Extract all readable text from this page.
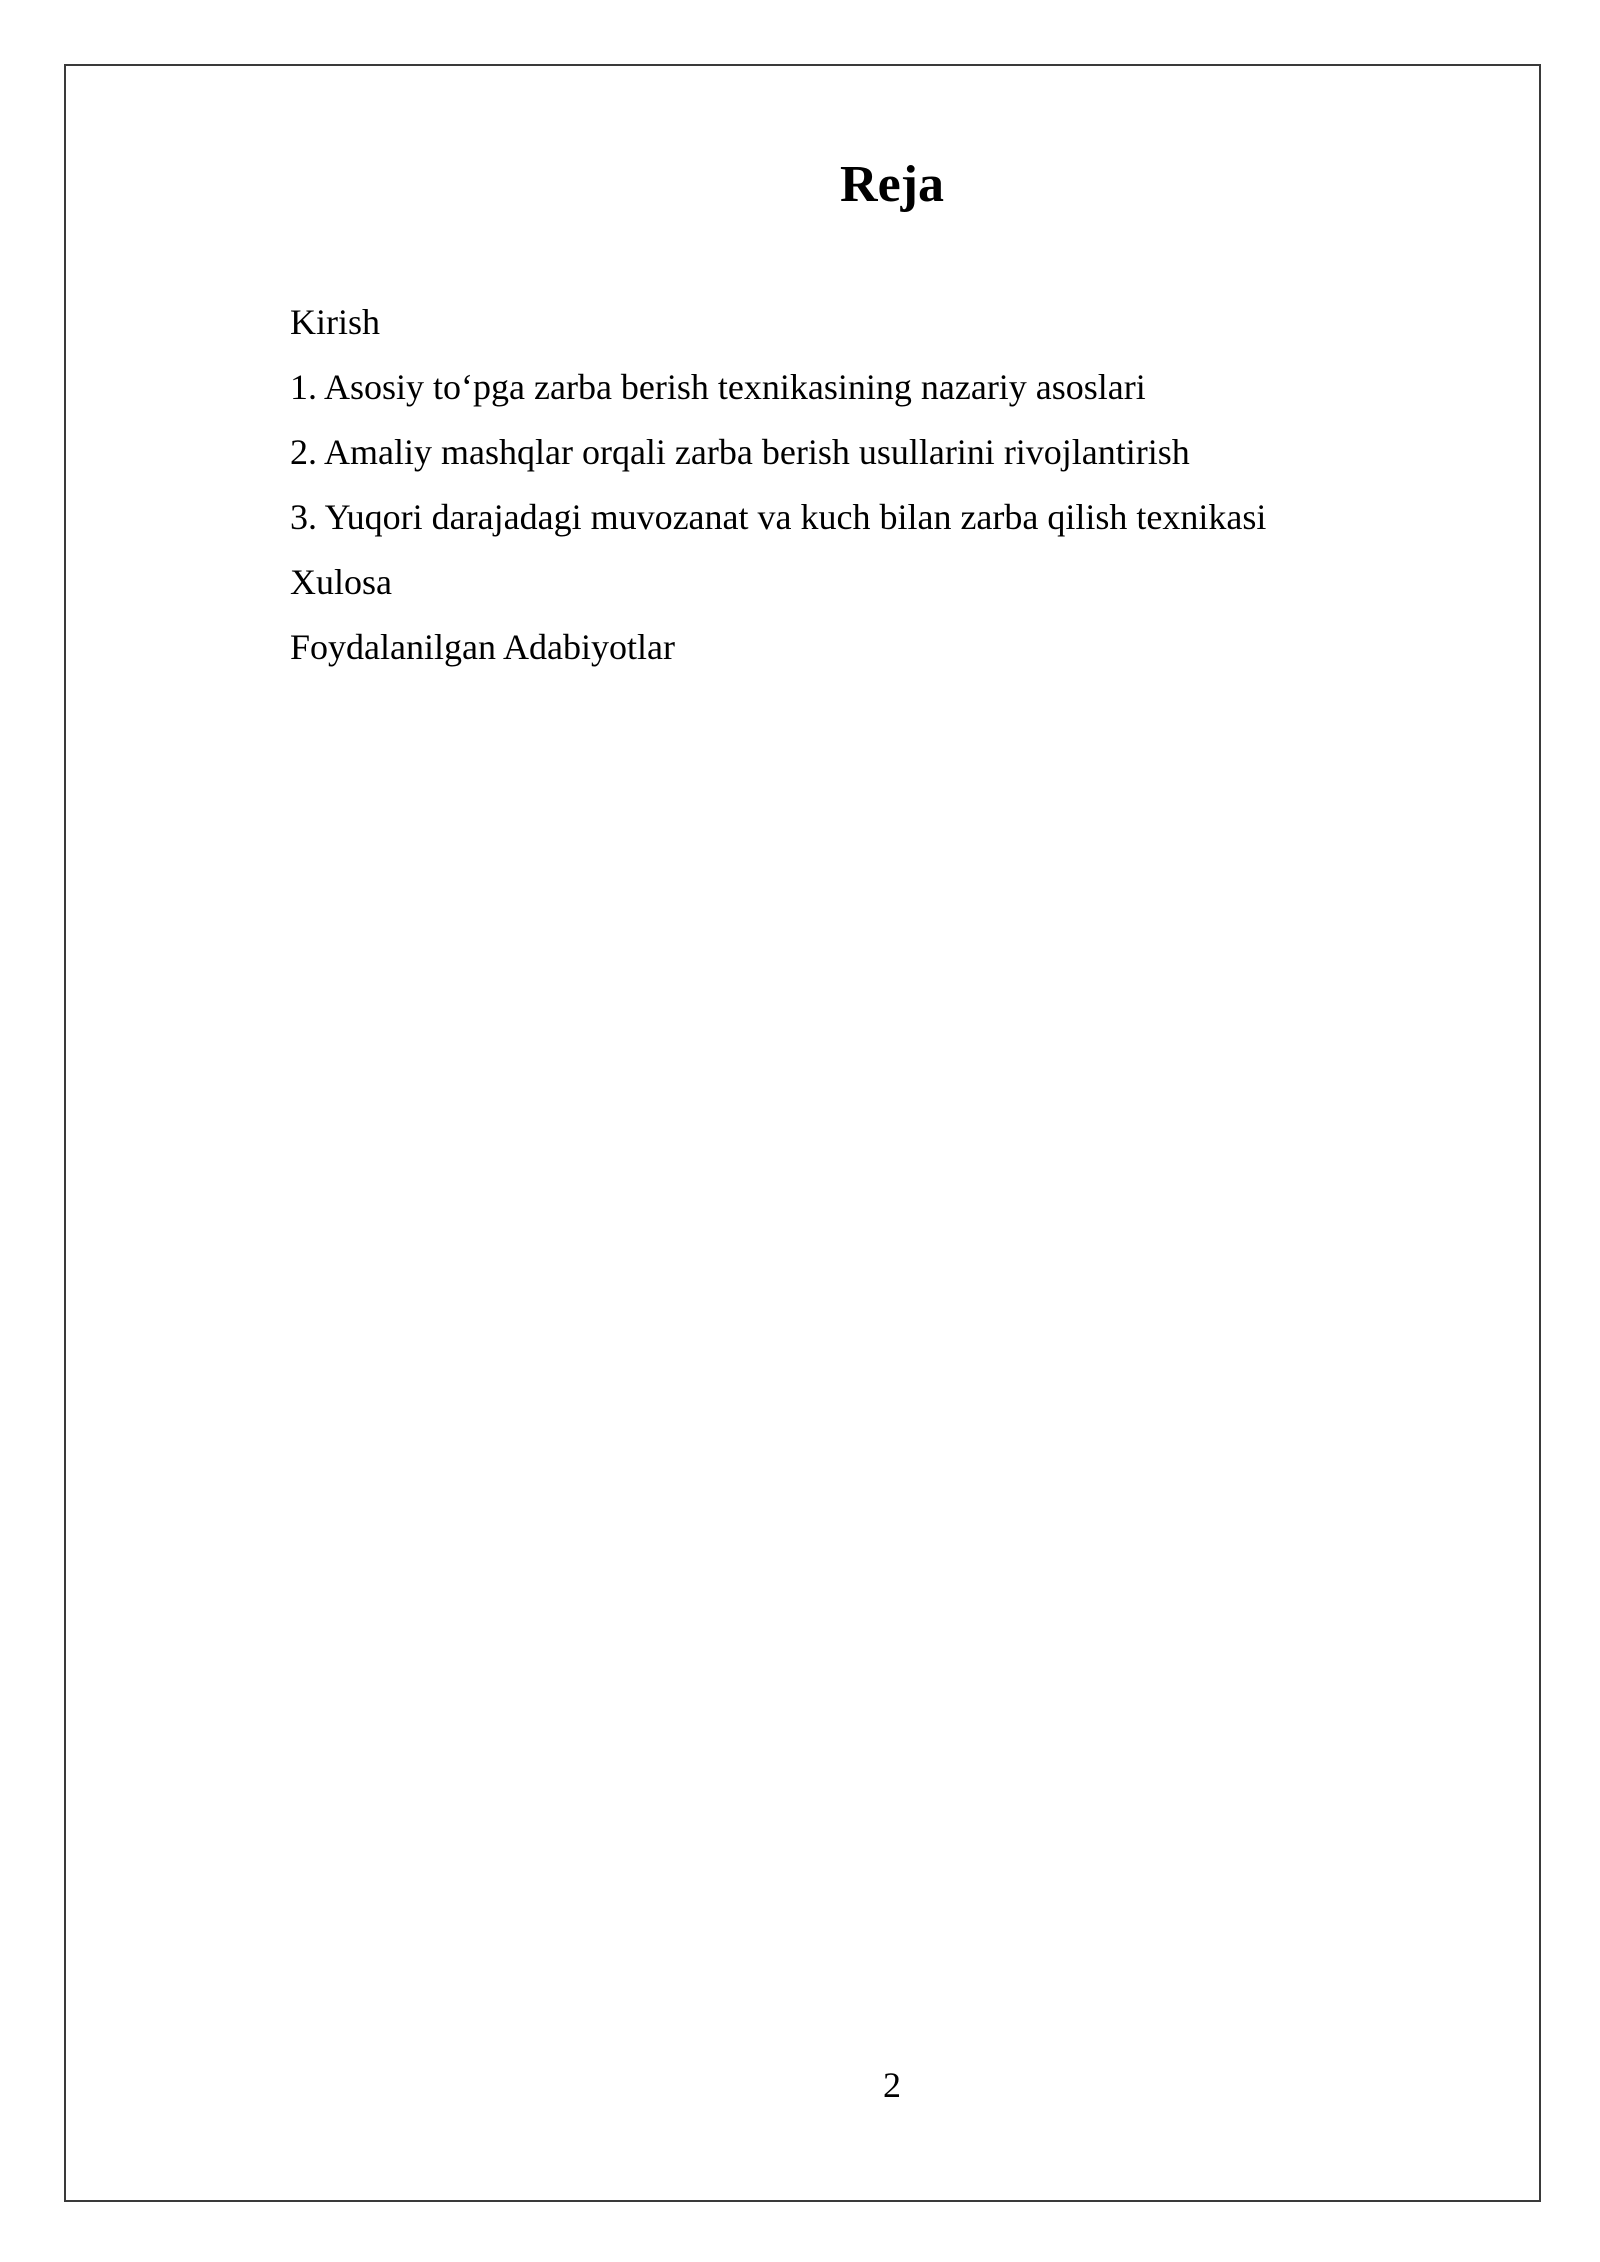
Reja
Kirish
1. Asosiy to‘pga zarba berish texnikasining nazariy asoslari
2. Amaliy mashqlar orqali zarba berish usullarini rivojlantirish
3. Yuqori darajadagi muvozanat va kuch bilan zarba qilish texnikasi
Xulosa
Foydalanilgan Adabiyotlar
2
